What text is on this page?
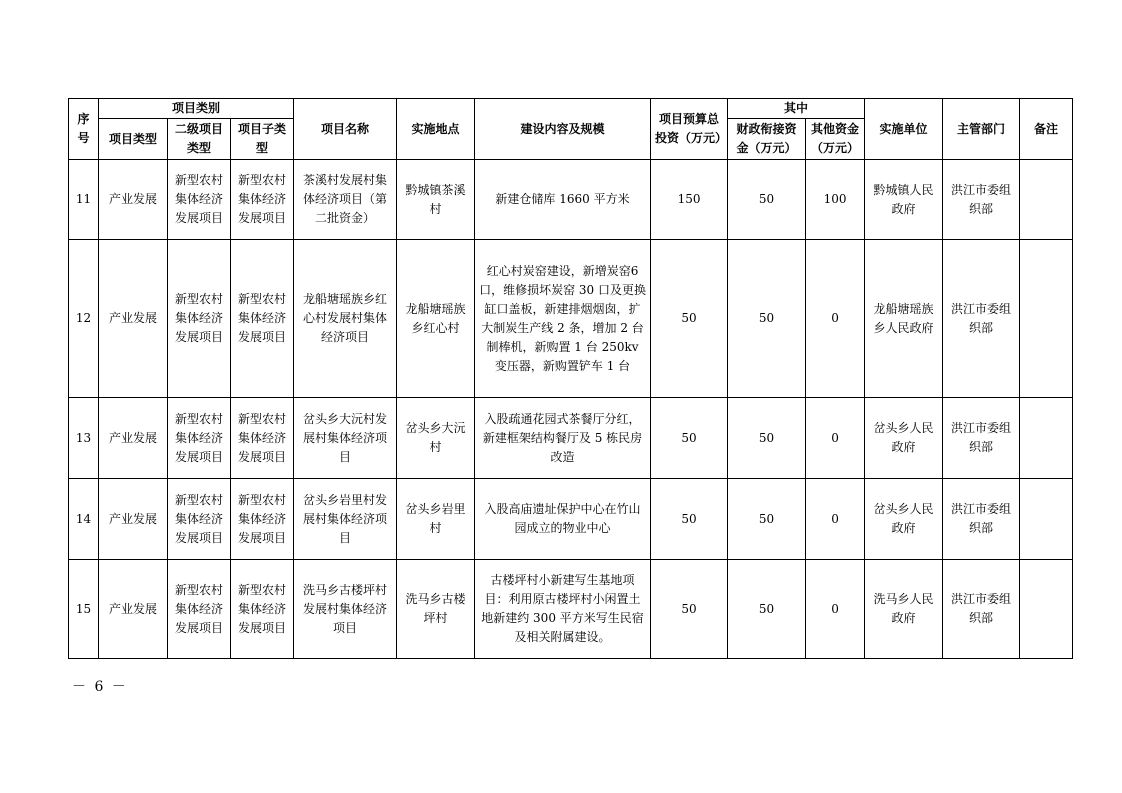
序号	项目类别			项目名称	实施地点	建设内容及规模	项目预算总投资（万元）	其中		实施单位	主管部门	备注
	项目类型	二级项目类型	项目子类型					财政衔接资金（万元）	其他资金（万元）			
11	产业发展	新型农村集体经济发展项目	新型农村集体经济发展项目	茶溪村发展村集体经济项目（第二批资金）	黔城镇茶溪村	新建仓储库 1660 平方米	150	50	100	黔城镇人民政府	洪江市委组织部	
12	产业发展	新型农村集体经济发展项目	新型农村集体经济发展项目	龙船塘瑶族乡红心村发展村集体经济项目	龙船塘瑶族乡红心村	红心村炭窑建设，新增炭窑6口，维修损坏炭窑 30 口及更换缸口盖板，新建排烟烟囱，扩大制炭生产线 2 条，增加 2 台制棒机，新购置 1 台 250kv 变压器，新购置铲车 1 台	50	50	0	龙船塘瑶族乡人民政府	洪江市委组织部	
13	产业发展	新型农村集体经济发展项目	新型农村集体经济发展项目	岔头乡大沅村发展村集体经济项目	岔头乡大沅村	入股疏通花园式茶餐厅分红，新建框架结构餐厅及 5 栋民房改造	50	50	0	岔头乡人民政府	洪江市委组织部	
14	产业发展	新型农村集体经济发展项目	新型农村集体经济发展项目	岔头乡岩里村发展村集体经济项目	岔头乡岩里村	入股高庙遗址保护中心在竹山园成立的物业中心	50	50	0	岔头乡人民政府	洪江市委组织部	
15	产业发展	新型农村集体经济发展项目	新型农村集体经济发展项目	洗马乡古楼坪村发展村集体经济项目	洗马乡古楼坪村	古楼坪村小新建写生基地项目：利用原古楼坪村小闲置土地新建约 300 平方米写生民宿及相关附属建设。	50	50	0	洗马乡人民政府	洪江市委组织部	
－ 6 －
